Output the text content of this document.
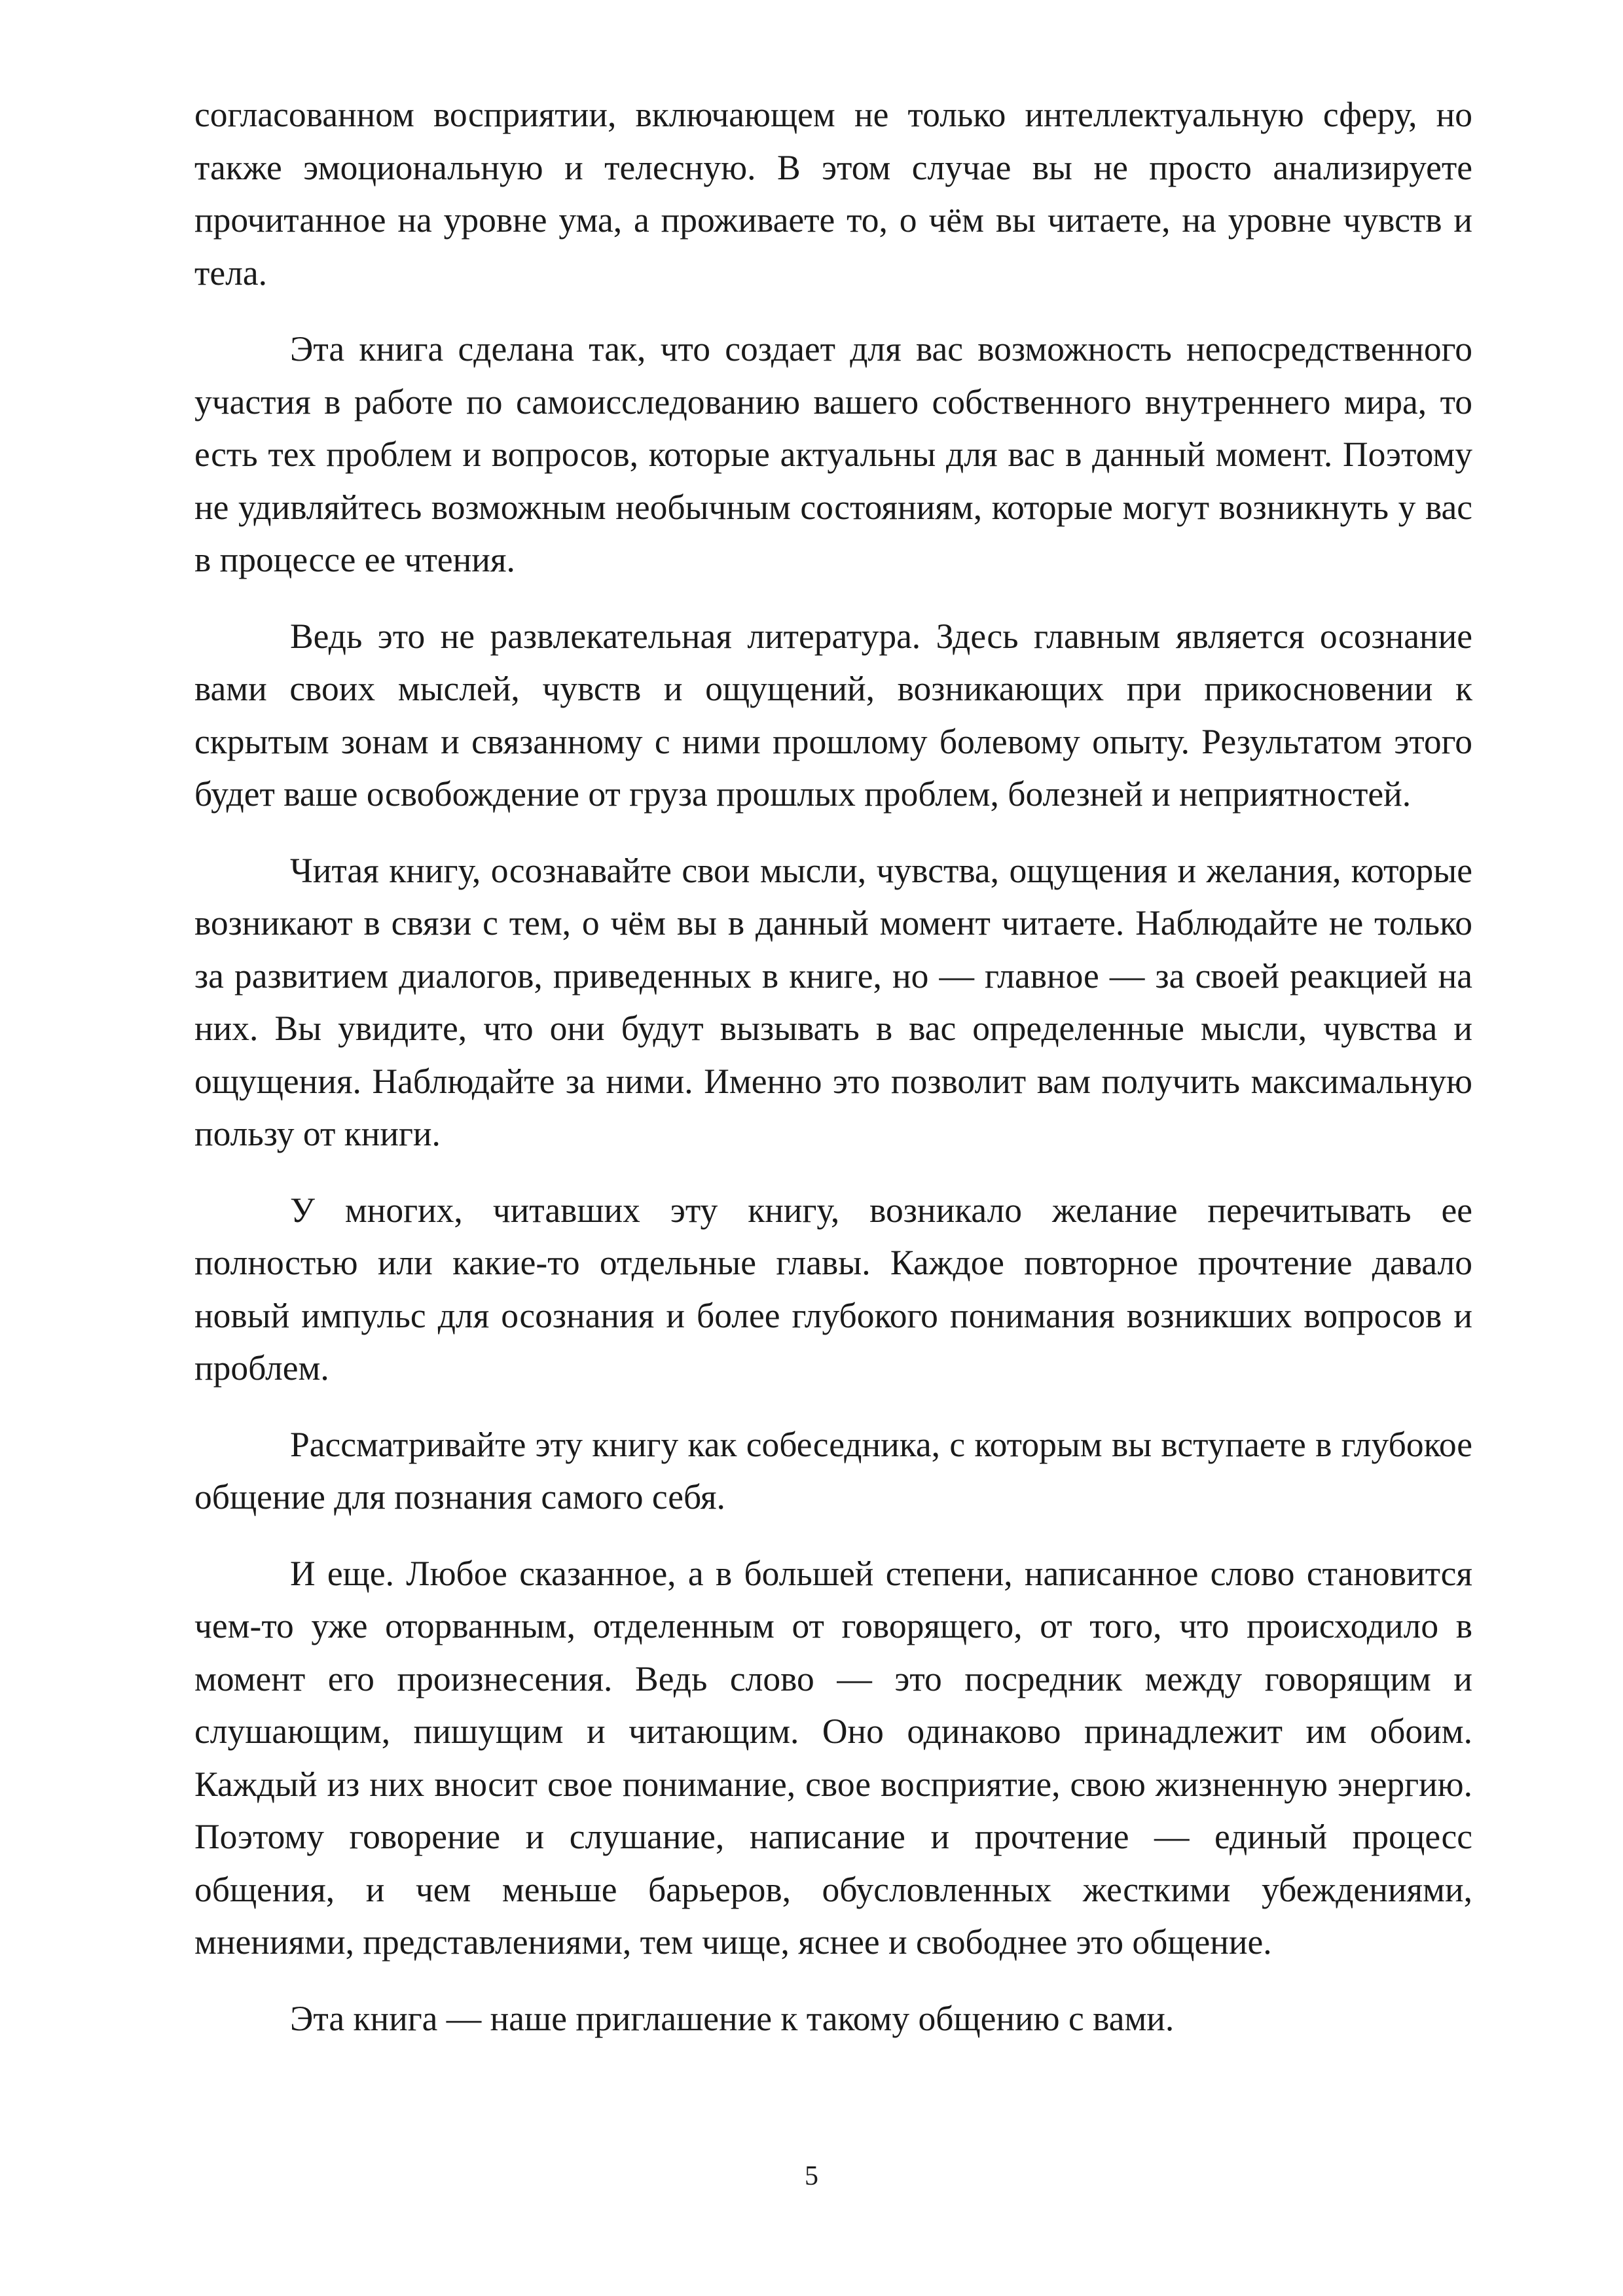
согласованном восприятии, включающем не только интеллектуальную сферу, но также эмоциональную и телесную. В этом случае вы не просто анализируете прочитанное на уровне ума, а проживаете то, о чём вы читаете, на уровне чувств и тела.

Эта книга сделана так, что создает для вас возможность непосредственного участия в работе по самоисследованию вашего собственного внутреннего мира, то есть тех проблем и вопросов, которые актуальны для вас в данный момент. Поэтому не удивляйтесь возможным необычным состояниям, которые могут возникнуть у вас в процессе ее чтения.

Ведь это не развлекательная литература. Здесь главным является осознание вами своих мыслей, чувств и ощущений, возникающих при прикосновении к скрытым зонам и связанному с ними прошлому болевому опыту. Результатом этого будет ваше освобождение от груза прошлых проблем, болезней и неприятностей.

Читая книгу, осознавайте свои мысли, чувства, ощущения и желания, которые возникают в связи с тем, о чём вы в данный момент читаете. Наблюдайте не только за развитием диалогов, приведенных в книге, но — главное — за своей реакцией на них. Вы увидите, что они будут вызывать в вас определенные мысли, чувства и ощущения. Наблюдайте за ними. Именно это позволит вам получить максимальную пользу от книги.

У многих, читавших эту книгу, возникало желание перечитывать ее полностью или какие-то отдельные главы. Каждое повторное прочтение давало новый импульс для осознания и более глубокого понимания возникших вопросов и проблем.

Рассматривайте эту книгу как собеседника, с которым вы вступаете в глубокое общение для познания самого себя.

И еще. Любое сказанное, а в большей степени, написанное слово становится чем-то уже оторванным, отделенным от говорящего, от того, что происходило в момент его произнесения. Ведь слово — это посредник между говорящим и слушающим, пишущим и читающим. Оно одинаково принадлежит им обоим. Каждый из них вносит свое понимание, свое восприятие, свою жизненную энергию. Поэтому говорение и слушание, написание и прочтение — единый процесс общения, и чем меньше барьеров, обусловленных жесткими убеждениями, мнениями, представлениями, тем чище, яснее и свободнее это общение.

Эта книга — наше приглашение к такому общению с вами.

5
